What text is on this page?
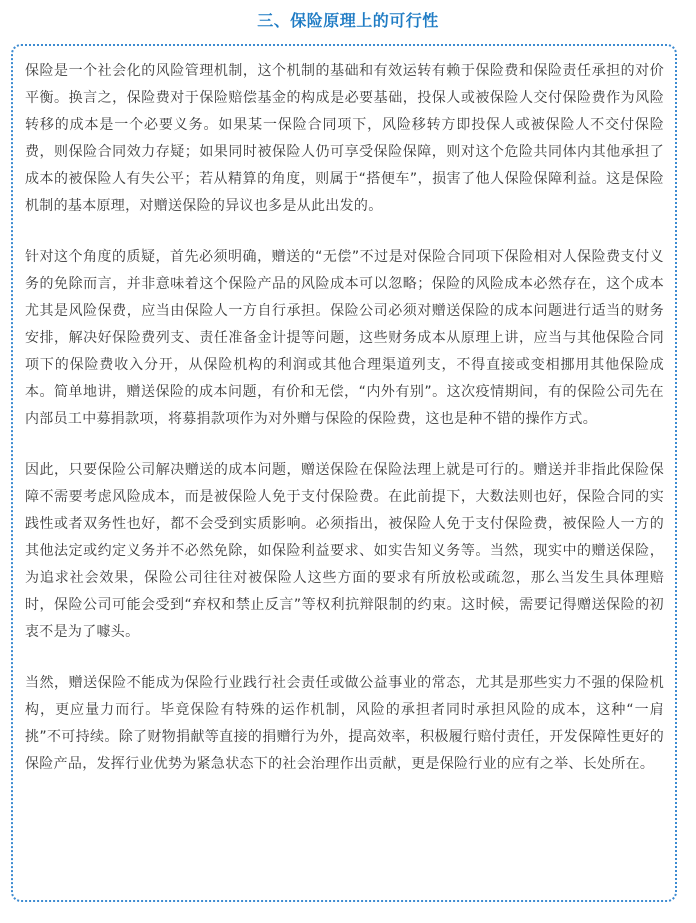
三、保险原理上的可行性

保险是一个社会化的风险管理机制，这个机制的基础和有效运转有赖于保险费和保险责任承担的对价平衡。换言之，保险费对于保险赔偿基金的构成是必要基础，投保人或被保险人交付保险费作为风险转移的成本是一个必要义务。如果某一保险合同项下，风险移转方即投保人或被保险人不交付保险费，则保险合同效力存疑；如果同时被保险人仍可享受保险保障，则对这个危险共同体内其他承担了成本的被保险人有失公平；若从精算的角度，则属于“搭便车”，损害了他人保险保障利益。这是保险机制的基本原理，对赠送保险的异议也多是从此出发的。

针对这个角度的质疑，首先必须明确，赠送的“无偿”不过是对保险合同项下保险相对人保险费支付义务的免除而言，并非意味着这个保险产品的风险成本可以忽略；保险的风险成本必然存在，这个成本尤其是风险保费，应当由保险人一方自行承担。保险公司必须对赠送保险的成本问题进行适当的财务安排，解决好保险费列支、责任准备金计提等问题，这些财务成本从原理上讲，应当与其他保险合同项下的保险费收入分开，从保险机构的利润或其他合理渠道列支，不得直接或变相挪用其他保险成本。简单地讲，赠送保险的成本问题，有价和无偿，“内外有别”。这次疫情期间，有的保险公司先在内部员工中募捐款项，将募捐款项作为对外赠与保险的保险费，这也是种不错的操作方式。

因此，只要保险公司解决赠送的成本问题，赠送保险在保险法理上就是可行的。赠送并非指此保险保障不需要考虑风险成本，而是被保险人免于支付保险费。在此前提下，大数法则也好，保险合同的实践性或者双务性也好，都不会受到实质影响。必须指出，被保险人免于支付保险费，被保险人一方的其他法定或约定义务并不必然免除，如保险利益要求、如实告知义务等。当然，现实中的赠送保险，为追求社会效果，保险公司往往对被保险人这些方面的要求有所放松或疏忽，那么当发生具体理赔时，保险公司可能会受到“弃权和禁止反言”等权利抗辩限制的约束。这时候，需要记得赠送保险的初衷不是为了噱头。

当然，赠送保险不能成为保险行业践行社会责任或做公益事业的常态，尤其是那些实力不强的保险机构，更应量力而行。毕竟保险有特殊的运作机制，风险的承担者同时承担风险的成本，这种“一肩挑”不可持续。除了财物捐献等直接的捐赠行为外，提高效率，积极履行赔付责任，开发保障性更好的保险产品，发挥行业优势为紧急状态下的社会治理作出贡献，更是保险行业的应有之举、长处所在。
